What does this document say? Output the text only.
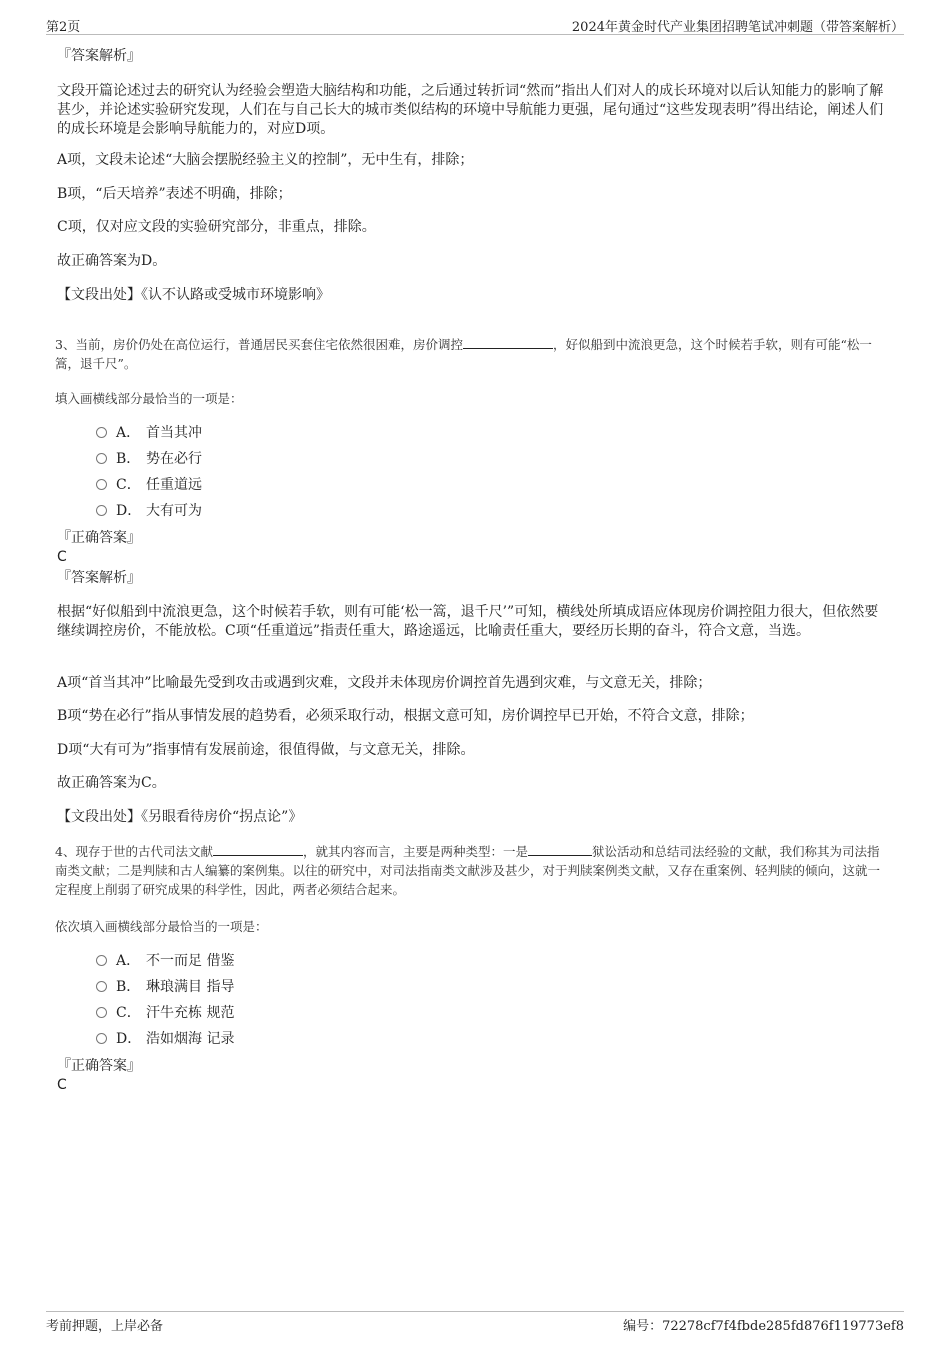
第2页	2024年黄金时代产业集团招聘笔试冲刺题（带答案解析）
『答案解析』
文段开篇论述过去的研究认为经验会塑造大脑结构和功能，之后通过转折词“然而”指出人们对人的成长环境对以后认知能力的影响了解甚少，并论述实验研究发现，人们在与自己长大的城市类似结构的环境中导航能力更强，尾句通过“这些发现表明”得出结论，阐述人们的成长环境是会影响导航能力的，对应D项。
A项，文段未论述“大脑会摆脱经验主义的控制”，无中生有，排除；
B项，“后天培养”表述不明确，排除；
C项，仅对应文段的实验研究部分，非重点，排除。
故正确答案为D。
【文段出处】《认不认路或受城市环境影响》
3、当前，房价仍处在高位运行，普通居民买套住宅依然很困难，房价调控	，好似船到中流浪更急，这个时候若手软，则有可能“松一篙，退千尺”。
填入画横线部分最恰当的一项是：
A． 首当其冲
B． 势在必行
C． 任重道远
D． 大有可为
『正确答案』
C
『答案解析』
根据“好似船到中流浪更急，这个时候若手软，则有可能‘松一篙，退千尺’”可知，横线处所填成语应体现房价调控阻力很大，但依然要继续调控房价，不能放松。C项“任重道远”指责任重大，路途遥远，比喻责任重大，要经历长期的奋斗，符合文意，当选。
A项“首当其冲”比喻最先受到攻击或遇到灾难，文段并未体现房价调控首先遇到灾难，与文意无关，排除；
B项“势在必行”指从事情发展的趋势看，必须采取行动，根据文意可知，房价调控早已开始，不符合文意，排除；
D项“大有可为”指事情有发展前途，很值得做，与文意无关，排除。
故正确答案为C。
【文段出处】《另眼看待房价“拐点论”》
4、现存于世的古代司法文献	，就其内容而言，主要是两种类型：一是	狱讼活动和总结司法经验的文献，我们称其为司法指南类文献；二是判牍和古人编纂的案例集。以往的研究中，对司法指南类文献涉及甚少，对于判牍案例类文献，又存在重案例、轻判牍的倾向，这就一定程度上削弱了研究成果的科学性，因此，两者必须结合起来。
依次填入画横线部分最恰当的一项是：
A． 不一而足 借鉴
B． 琳琅满目 指导
C． 汗牛充栋 规范
D． 浩如烟海 记录
『正确答案』
C
考前押题，上岸必备	编号：72278cf7f4fbde285fd876f119773ef8
